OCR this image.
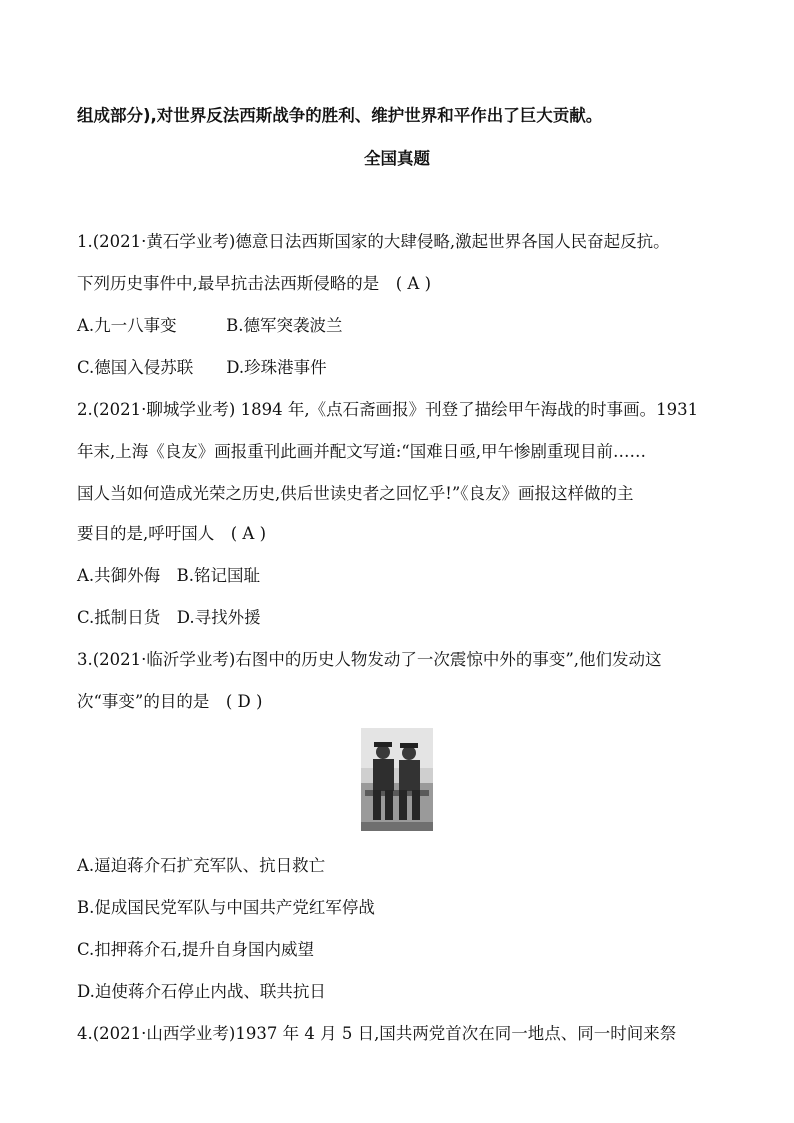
组成部分),对世界反法西斯战争的胜利、维护世界和平作出了巨大贡献。
全国真题
1.(2021·黄石学业考)德意日法西斯国家的大肆侵略,激起世界各国人民奋起反抗。
下列历史事件中,最早抗击法西斯侵略的是　( A )
A.九一八事变　　　B.德军突袭波兰
C.德国入侵苏联　　D.珍珠港事件
2.(2021·聊城学业考) 1894 年,《点石斋画报》刊登了描绘甲午海战的时事画。1931
年末,上海《良友》画报重刊此画并配文写道:“国难日亟,甲午惨剧重现目前……
国人当如何造成光荣之历史,供后世读史者之回忆乎!”《良友》画报这样做的主
要目的是,呼吁国人　( A )
A.共御外侮　B.铭记国耻
C.抵制日货　D.寻找外援
3.(2021·临沂学业考)右图中的历史人物发动了一次震惊中外的事变”,他们发动这
次“事变”的目的是　( D )
A.逼迫蒋介石扩充军队、抗日救亡
B.促成国民党军队与中国共产党红军停战
C.扣押蒋介石,提升自身国内威望
D.迫使蒋介石停止内战、联共抗日
4.(2021·山西学业考)1937 年 4 月 5 日,国共两党首次在同一地点、同一时间来祭
